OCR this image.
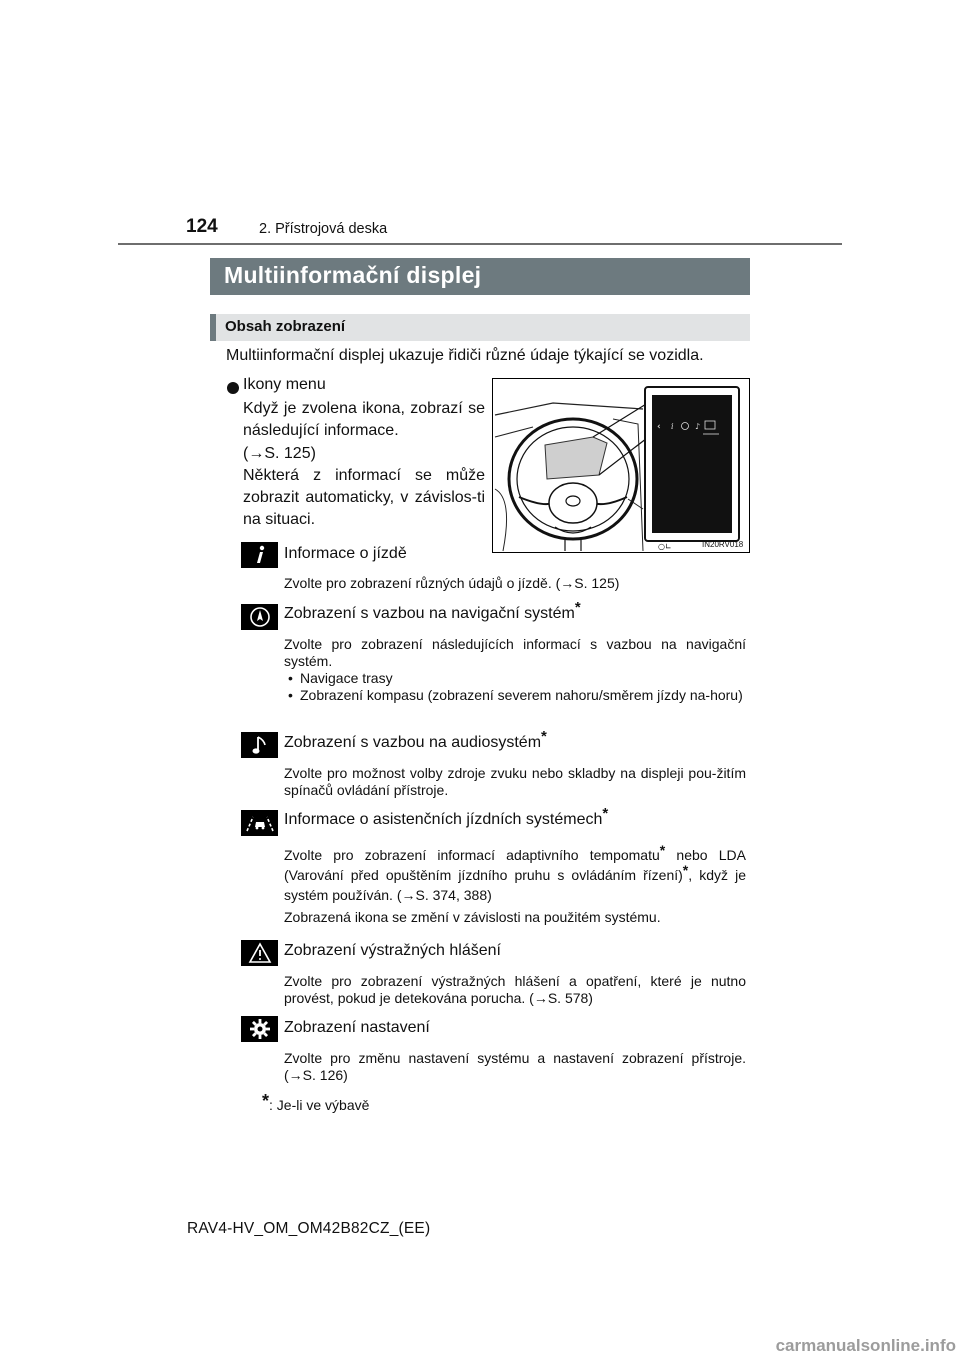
124	2. Přístrojová deska
Multiinformační displej
Obsah zobrazení
Multiinformační displej ukazuje řidiči různé údaje týkající se vozidla.
Ikony menu

Když je zvolena ikona, zobrazí se následující informace.

(→S. 125)

Některá z informací se může zobrazit automaticky, v závislos-ti na situaci.

‹ i	♪
○∟	IN20RV018
Informace o jízdě

Zvolte pro zobrazení různých údajů o jízdě. (→S. 125)

Zobrazení s vazbou na navigační systém*

Zvolte pro zobrazení následujících informací s vazbou na navigační systém.

• Navigace trasy
• Zobrazení kompasu (zobrazení severem nahoru/směrem jízdy na-horu)
Zobrazení s vazbou na audiosystém*

Zvolte pro možnost volby zdroje zvuku nebo skladby na displeji pou-žitím spínačů ovládání přístroje.

Informace o asistenčních jízdních systémech*

Zvolte pro zobrazení informací adaptivního tempomatu* nebo LDA (Varování před opuštěním jízdního pruhu s ovládáním řízení)*, když je systém používán. (→S. 374, 388)

Zobrazená ikona se změní v závislosti na použitém systému.

Zobrazení výstražných hlášení

Zvolte pro zobrazení výstražných hlášení a opatření, které je nutno provést, pokud je detekována porucha. (→S. 578)

Zobrazení nastavení

Zvolte pro změnu nastavení systému a nastavení zobrazení přístroje. (→S. 126)

*: Je-li ve výbavě
RAV4-HV_OM_OM42B82CZ_(EE)
carmanualsonline.info
